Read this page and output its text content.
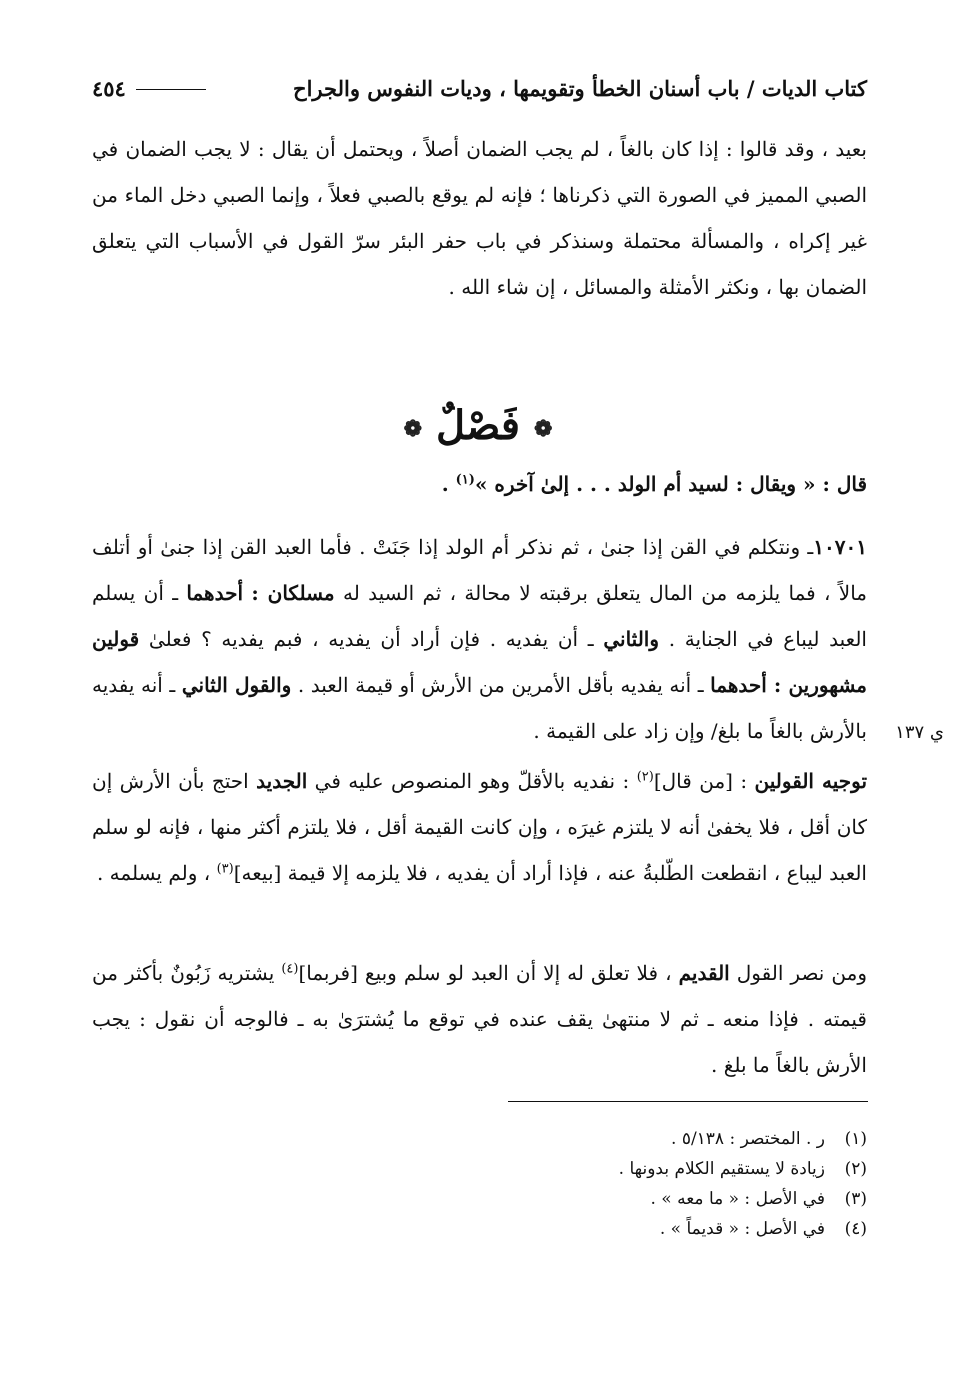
كتاب الديات / باب أسنان الخطأ وتقويمها ، وديات النفوس والجراح
٤٥٤
بعيد ، وقد قالوا : إذا كان بالغاً ، لم يجب الضمان أصلاً ، ويحتمل أن يقال : لا يجب الضمان في الصبي المميز في الصورة التي ذكرناها ؛ فإنه لم يوقع بالصبي فعلاً ، وإنما الصبي دخل الماء من غير إكراه ، والمسألة محتملة وسنذكر في باب حفر البئر سرّ القول في الأسباب التي يتعلق الضمان بها ، ونكثر الأمثلة والمسائل ، إن شاء الله .
❁ فَصْلٌ ❁
قال : « ويقال : لسيد أم الولد . . . إلىٰ آخره »$^{(١)}$ .
١٠٧٠١ـ ونتكلم في القن إذا جنىٰ ، ثم نذكر أم الولد إذا جَنَتْ . فأما العبد القن إذا جنىٰ أو أتلف مالاً ، فما يلزمه من المال يتعلق برقبته لا محالة ، ثم السيد له مسلكان : أحدهما ـ أن يسلم العبد ليباع في الجناية . والثاني ـ أن يفديه . فإن أراد أن يفديه ، فبم يفديه ؟ فعلىٰ قولين مشهورين : أحدهما ـ أنه يفديه بأقل الأمرين من الأرش أو قيمة العبد . والقول الثاني ـ أنه يفديه بالأرش بالغاً ما بلغ/ وإن زاد على القيمة .	ي ١٣٧
توجيه القولين : [من قال]$^{(٢)}$ : نفديه بالأقلّ وهو المنصوص عليه في الجديد احتج بأن الأرش إن كان أقل ، فلا يخفىٰ أنه لا يلتزم غيرَه ، وإن كانت القيمة أقل ، فلا يلتزم أكثر منها ، فإنه لو سلم العبد ليباع ، انقطعت الطّلبةُ عنه ، فإذا أراد أن يفديه ، فلا يلزمه إلا قيمة [بيعه]$^{(٣)}$ ، ولم يسلمه .
ومن نصر القول القديم ، فلا تعلق له إلا أن العبد لو سلم وبيع [فربما]$^{(٤)}$ يشتريه زَبُونٌ بأكثر من قيمته . فإذا منعه ـ ثم لا منتهىٰ يقف عنده في توقع ما يُشترَىٰ به ـ فالوجه أن نقول : يجب الأرش بالغاً ما بلغ .
(١)
ر . المختصر : ٥/١٣٨ .
(٢)
زيادة لا يستقيم الكلام بدونها .
(٣)
في الأصل : « ما معه » .
(٤)
في الأصل : « قديماً » .
